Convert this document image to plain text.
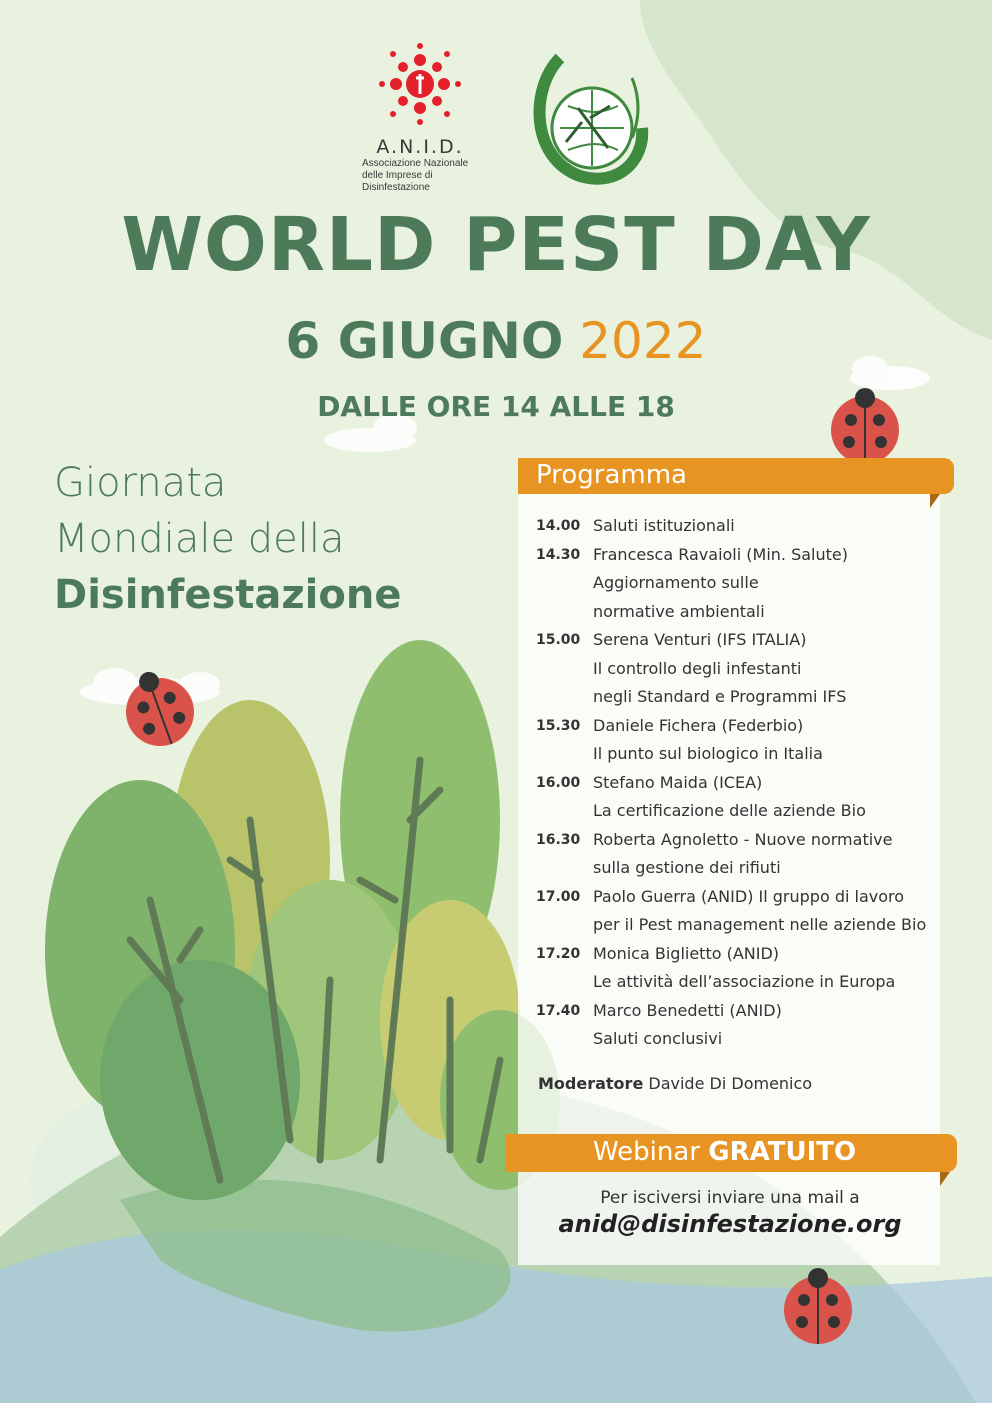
A.N.I.D.
Associazione Nazionale
delle Imprese di Disinfestazione
WORLD PEST DAY
6 GIUGNO 2022
DALLE ORE 14 ALLE 18
Giornata
Mondiale della
Disinfestazione
Programma
14.00 Saluti istituzionali
14.30 Francesca Ravaioli (Min. Salute)
Aggiornamento sulle
normative ambientali
15.00 Serena Venturi (IFS ITALIA)
Il controllo degli infestanti
negli Standard e Programmi IFS
15.30 Daniele Fichera (Federbio)
Il punto sul biologico in Italia
16.00 Stefano Maida (ICEA)
La certificazione delle aziende Bio
16.30 Roberta Agnoletto - Nuove normative
sulla gestione dei rifiuti
17.00 Paolo Guerra (ANID) Il gruppo di lavoro
per il Pest management nelle aziende Bio
17.20 Monica Biglietto (ANID)
Le attività dell’associazione in Europa
17.40 Marco Benedetti (ANID)
Saluti conclusivi
Moderatore Davide Di Domenico
Webinar GRATUITO
Per isciversi inviare una mail a
anid@disinfestazione.org
